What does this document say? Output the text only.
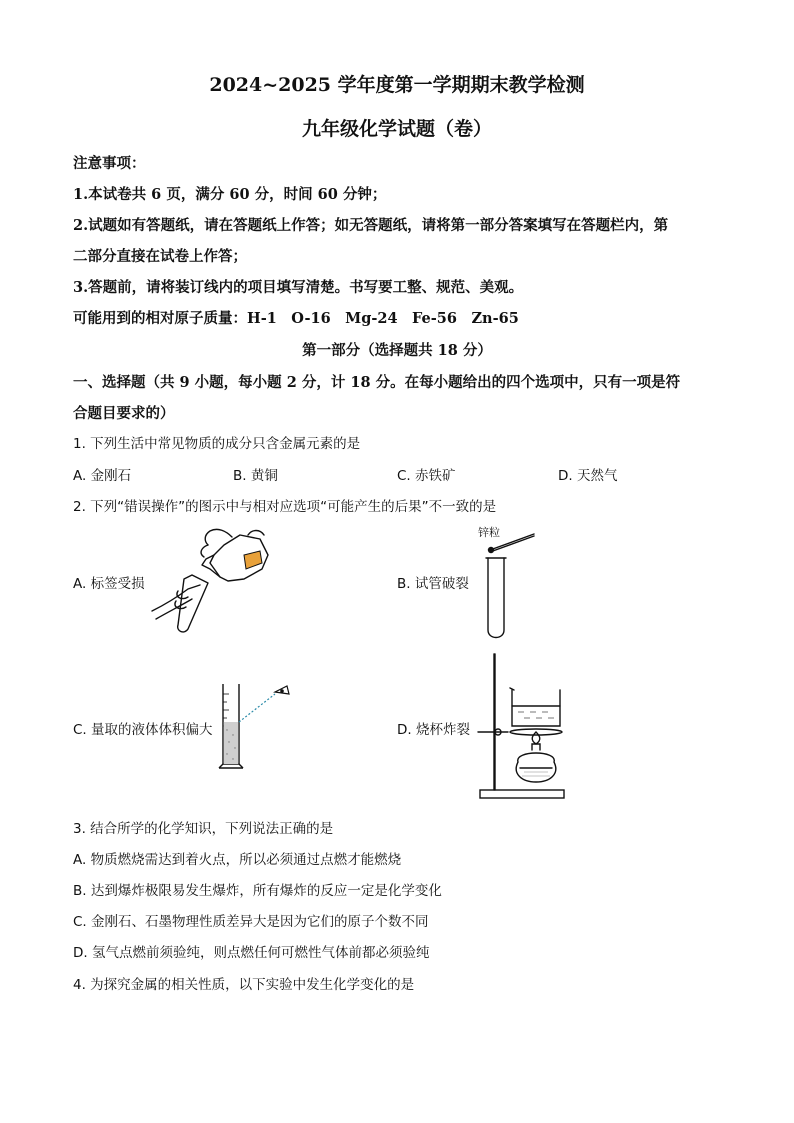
2024~2025 学年度第一学期期末教学检测
九年级化学试题（卷）
注意事项：
1.本试卷共 6 页，满分 60 分，时间 60 分钟；
2.试题如有答题纸，请在答题纸上作答；如无答题纸，请将第一部分答案填写在答题栏内，第
二部分直接在试卷上作答；
3.答题前，请将装订线内的项目填写清楚。书写要工整、规范、美观。
可能用到的相对原子质量：H-1　O-16　Mg-24　Fe-56　Zn-65
第一部分（选择题共 18 分）
一、选择题（共 9 小题，每小题 2 分，计 18 分。在每小题给出的四个选项中，只有一项是符
合题目要求的）
1. 下列生活中常见物质的成分只含金属元素的是
A. 金刚石	B. 黄铜	C. 赤铁矿	D. 天然气
2. 下列“错误操作”的图示中与相对应选项“可能产生的后果”不一致的是
A. 标签受损	B. 试管破裂
C. 量取的液体体积偏大	D. 烧杯炸裂
锌粒
3. 结合所学的化学知识，下列说法正确的是
A. 物质燃烧需达到着火点，所以必须通过点燃才能燃烧
B. 达到爆炸极限易发生爆炸，所有爆炸的反应一定是化学变化
C. 金刚石、石墨物理性质差异大是因为它们的原子个数不同
D. 氢气点燃前须验纯，则点燃任何可燃性气体前都必须验纯
4. 为探究金属的相关性质，以下实验中发生化学变化的是
